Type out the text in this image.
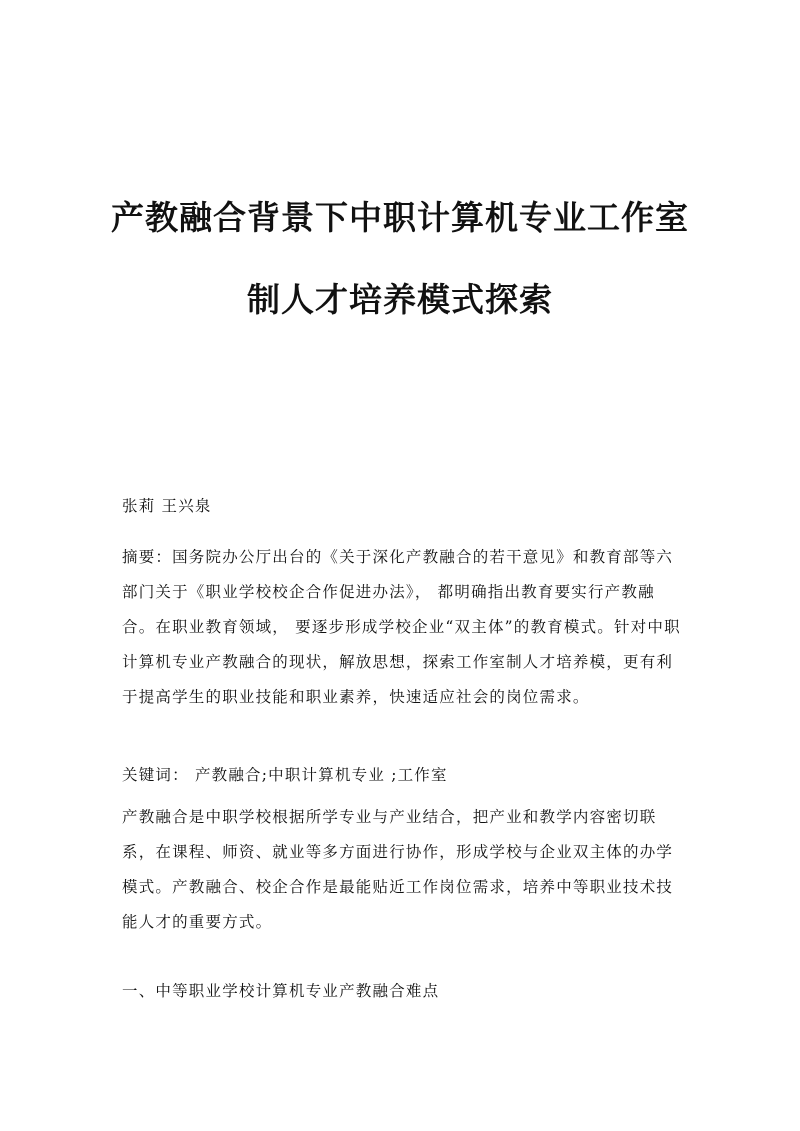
产教融合背景下中职计算机专业工作室
制人才培养模式探索
张莉 王兴泉
摘要：国务院办公厅出台的《关于深化产教融合的若干意见》和教育部等六部门关于《职业学校校企合作促进办法》， 都明确指出教育要实行产教融合。在职业教育领域， 要逐步形成学校企业“双主体”的教育模式。针对中职计算机专业产教融合的现状，解放思想，探索工作室制人才培养模，更有利于提高学生的职业技能和职业素养，快速适应社会的岗位需求。
关键词： 产教融合;中职计算机专业 ;工作室
产教融合是中职学校根据所学专业与产业结合，把产业和教学内容密切联系，在课程、师资、就业等多方面进行协作，形成学校与企业双主体的办学模式。产教融合、校企合作是最能贴近工作岗位需求，培养中等职业技术技能人才的重要方式。
一、中等职业学校计算机专业产教融合难点
